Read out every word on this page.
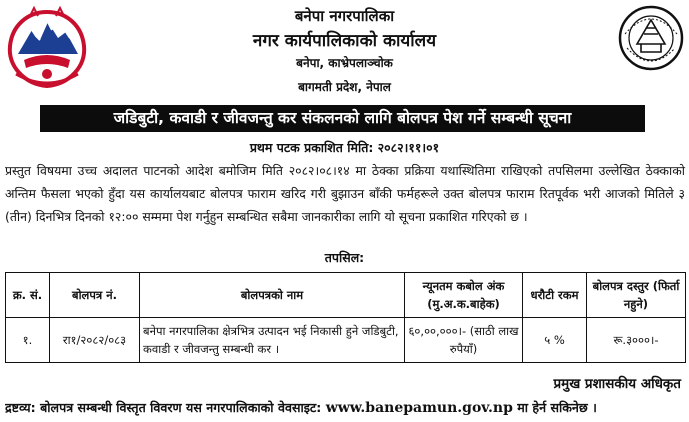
बनेपा नगरपालिका
नगर कार्यपालिकाको कार्यालय
बनेपा, काभ्रेपलाञ्चोक
बागमती प्रदेश, नेपाल
जडिबुटी, कवाडी र जीवजन्तु कर संकलनको लागि बोलपत्र पेश गर्ने सम्बन्धी सूचना
प्रथम पटक प्रकाशित मिति: २०८२।११।०१
प्रस्तुत विषयमा उच्च अदालत पाटनको आदेश बमोजिम मिति २०८२।०८।१४ मा ठेक्का प्रक्रिया यथास्थितिमा राखिएको तपसिलमा उल्लेखित ठेक्काको अन्तिम फैसला भएको हुँदा यस कार्यालयबाट बोलपत्र फाराम खरिद गरी बुझाउन बाँकी फर्महरूले उक्त बोलपत्र फाराम रितपूर्वक भरी आजको मितिले ३ (तीन) दिनभित्र दिनको १२:०० सम्ममा पेश गर्नुहुन सम्बन्धित सबैमा जानकारीका लागि यो सूचना प्रकाशित गरिएको छ ।
तपसिल:
क्र. सं.	बोलपत्र नं.	बोलपत्रको नाम	न्यूनतम कबोल अंक (मु.अ.क.बाहेक)	धरौटी रकम	बोलपत्र दस्तुर (फिर्ता नहुने)
१.	रा१/२०८२/०८३	बनेपा नगरपालिका क्षेत्रभित्र उत्पादन भई निकासी हुने जडिबुटी, कवाडी र जीवजन्तु सम्बन्धी कर ।	६०,००,०००।- (साठी लाख रुपैयाँ)	५ %	रू.३०००।-
प्रमुख प्रशासकीय अधिकृत
द्रष्टव्य: बोलपत्र सम्बन्धी विस्तृत विवरण यस नगरपालिकाको वेवसाइट: www.banepamun.gov.np मा हेर्न सकिनेछ ।
